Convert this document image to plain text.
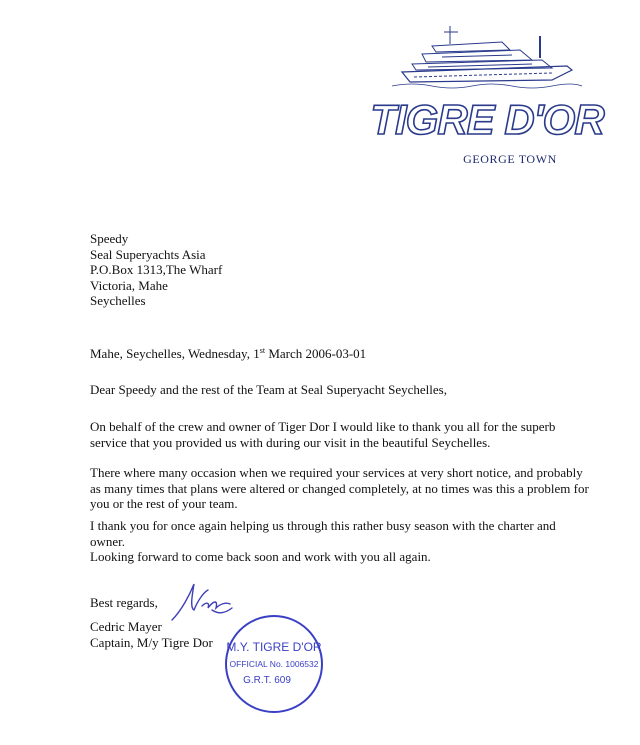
TIGRE D'OR
GEORGE TOWN
Speedy
Seal Superyachts Asia
P.O.Box 1313,The Wharf
Victoria, Mahe
Seychelles
Mahe, Seychelles, Wednesday, 1st March 2006-03-01
Dear Speedy and the rest of the Team at Seal Superyacht Seychelles,
On behalf of the crew and owner of Tiger Dor I would like to thank you all for the superb service that you provided us with during our visit in the beautiful Seychelles.
There where many occasion when we required your services at very short notice, and probably as many times that plans were altered or changed completely, at no times was this a problem for you or the rest of your team.
I thank you for once again helping us through this rather busy season with the charter and owner.
Looking forward to come back soon and work with you all again.
Best regards,
Cedric Mayer
Captain, M/y Tigre Dor M.Y. TIGRE D'OR
OFFICIAL No. 1006532
G.R.T. 609
